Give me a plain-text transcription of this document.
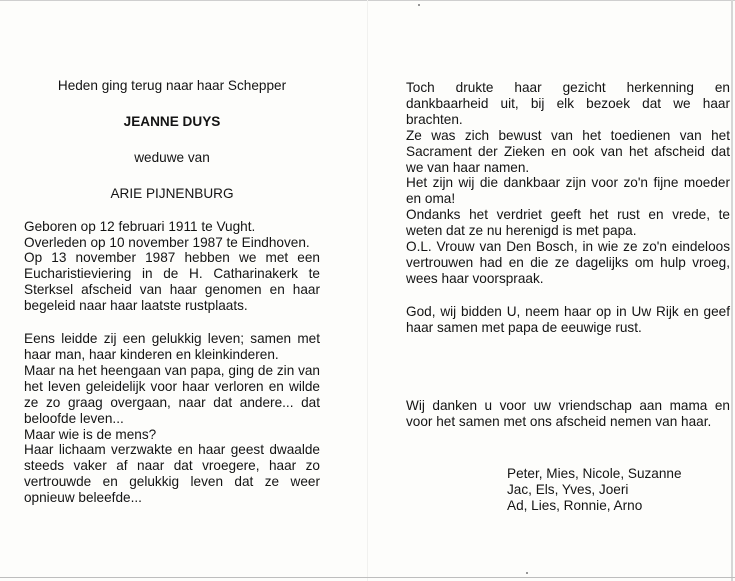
Heden ging terug naar haar Schepper
JEANNE DUYS
weduwe van
ARIE PIJNENBURG
Geboren op 12 februari 1911 te Vught.
Overleden op 10 november 1987 te Eindhoven.
Op 13 november 1987 hebben we met een Eucharistieviering in de H. Catharinakerk te Sterksel afscheid van haar genomen en haar begeleid naar haar laatste rustplaats.
Eens leidde zij een gelukkig leven; samen met haar man, haar kinderen en kleinkinderen.
Maar na het heengaan van papa, ging de zin van het leven geleidelijk voor haar verloren en wilde ze zo graag overgaan, naar dat andere... dat beloofde leven...
Maar wie is de mens?
Haar lichaam verzwakte en haar geest dwaalde steeds vaker af naar dat vroegere, haar zo vertrouwde en gelukkig leven dat ze weer opnieuw beleefde...
Toch drukte haar gezicht herkenning en dankbaarheid uit, bij elk bezoek dat we haar brachten.
Ze was zich bewust van het toedienen van het Sacrament der Zieken en ook van het afscheid dat we van haar namen.
Het zijn wij die dankbaar zijn voor zo'n fijne moeder en oma!
Ondanks het verdriet geeft het rust en vrede, te weten dat ze nu herenigd is met papa.
O.L. Vrouw van Den Bosch, in wie ze zo'n eindeloos vertrouwen had en die ze dagelijks om hulp vroeg, wees haar voorspraak.
God, wij bidden U, neem haar op in Uw Rijk en geef haar samen met papa de eeuwige rust.
Wij danken u voor uw vriendschap aan mama en voor het samen met ons afscheid nemen van haar.
Peter, Mies, Nicole, Suzanne
Jac, Els, Yves, Joeri
Ad, Lies, Ronnie, Arno
